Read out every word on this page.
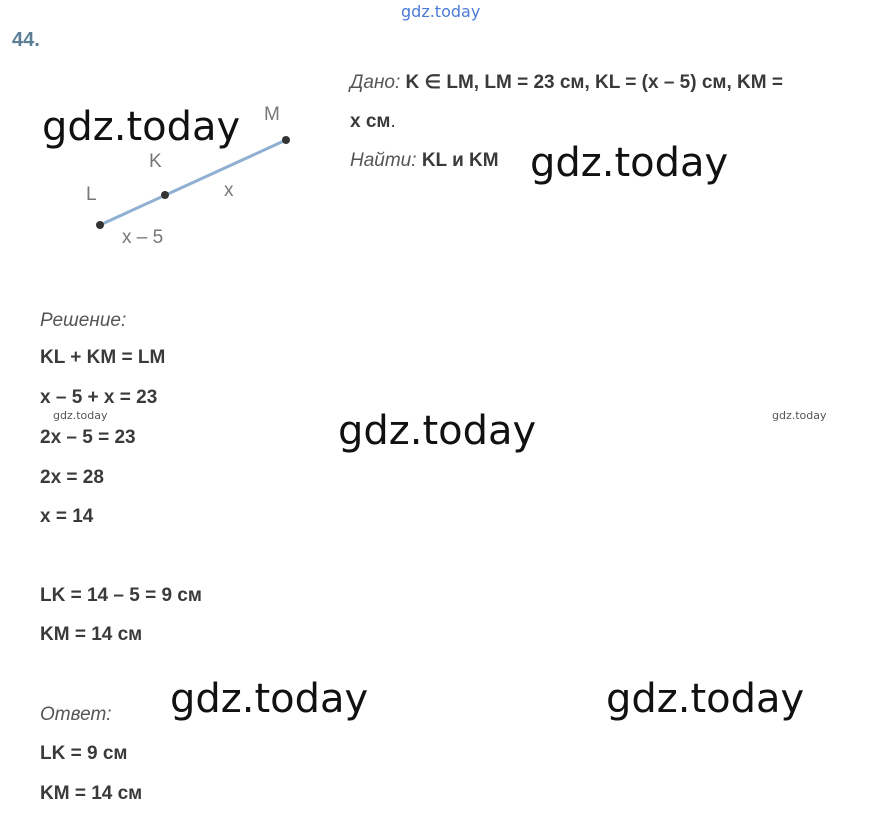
44.
L
K
M
x – 5
x
Дано: K ∈ LM, LM = 23 см, KL = (x – 5) см, KM =
x см.
Найти: KL и KM
Решение:
KL + KM = LM
x – 5 + x = 23
2x – 5 = 23
2x = 28
x = 14
LK = 14 – 5 = 9 см
KM = 14 см
Ответ:
LK = 9 см
KM = 14 см
gdz.today
gdz.today
gdz.today
gdz.today
gdz.today	gdz.today
gdz.today	gdz.today
